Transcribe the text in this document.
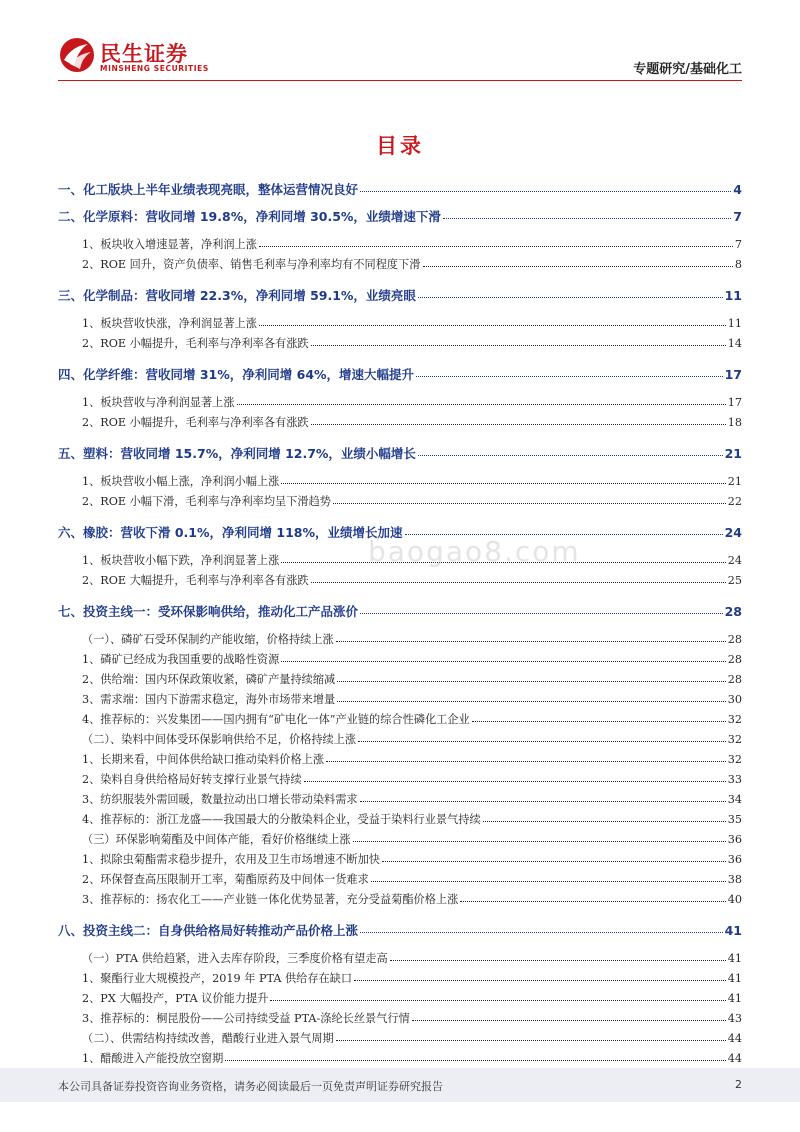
民生证券
MINSHENG SECURITIES	专题研究/基础化工
目录
一、化工版块上半年业绩表现亮眼，整体运营情况良好	4
二、化学原料：营收同增 19.8%，净利同增 30.5%，业绩增速下滑	7
1、板块收入增速显著，净利润上涨	7
2、ROE 回升，资产负债率、销售毛利率与净利率均有不同程度下滑	8
三、化学制品：营收同增 22.3%，净利同增 59.1%，业绩亮眼	11
1、板块营收快涨，净利润显著上涨	11
2、ROE 小幅提升，毛利率与净利率各有涨跌	14
四、化学纤维：营收同增 31%，净利同增 64%，增速大幅提升	17
1、板块营收与净利润显著上涨	17
2、ROE 小幅提升，毛利率与净利率各有涨跌	18
五、塑料：营收同增 15.7%，净利同增 12.7%，业绩小幅增长	21
1、板块营收小幅上涨，净利润小幅上涨	21
2、ROE 小幅下滑，毛利率与净利率均呈下滑趋势	22
六、橡胶：营收下滑 0.1%，净利同增 118%，业绩增长加速	24
1、板块营收小幅下跌，净利润显著上涨	24
2、ROE 大幅提升，毛利率与净利率各有涨跌	25
七、投资主线一：受环保影响供给，推动化工产品涨价	28
（一）、磷矿石受环保制约产能收缩，价格持续上涨	28
1、磷矿已经成为我国重要的战略性资源	28
2、供给端：国内环保政策收紧，磷矿产量持续缩减	28
3、需求端：国内下游需求稳定，海外市场带来增量	30
4、推荐标的：兴发集团——国内拥有“矿电化一体”产业链的综合性磷化工企业	32
（二）、染料中间体受环保影响供给不足，价格持续上涨	32
1、长期来看，中间体供给缺口推动染料价格上涨	32
2、染料自身供给格局好转支撑行业景气持续	33
3、纺织服装外需回暖，数量拉动出口增长带动染料需求	34
4、推荐标的：浙江龙盛——我国最大的分散染料企业，受益于染料行业景气持续	35
（三）环保影响菊酯及中间体产能，看好价格继续上涨	36
1、拟除虫菊酯需求稳步提升，农用及卫生市场增速不断加快	36
2、环保督查高压限制开工率，菊酯原药及中间体一货难求	38
3、推荐标的：扬农化工——产业链一体化优势显著，充分受益菊酯价格上涨	40
八、投资主线二：自身供给格局好转推动产品价格上涨	41
（一）PTA 供给趋紧，进入去库存阶段，三季度价格有望走高	41
1、聚酯行业大规模投产，2019 年 PTA 供给存在缺口	41
2、PX 大幅投产，PTA 议价能力提升	41
3、推荐标的：桐昆股份——公司持续受益 PTA-涤纶长丝景气行情	43
（二）、供需结构持续改善，醋酸行业进入景气周期	44
1、醋酸进入产能投放空窗期	44
baogao8.com
本公司具备证券投资咨询业务资格，请务必阅读最后一页免责声明证券研究报告	2
